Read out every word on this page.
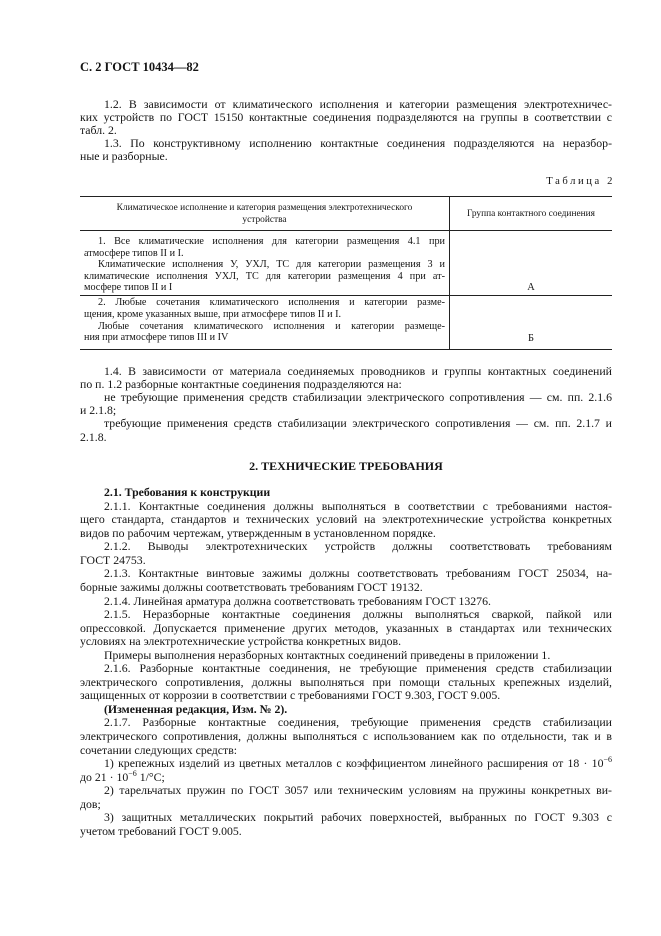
С. 2 ГОСТ 10434—82
1.2. В зависимости от климатического исполнения и категории размещения электротехничес-
ких устройств по ГОСТ 15150 контактные соединения подразделяются на группы в соответствии с
табл. 2.
1.3. По конструктивному исполнению контактные соединения подразделяются на неразбор-
ные и разборные.
Таблица 2
Климатическое исполнение и категория размещения электротехнического
устройства
Группа контактного соединения
1. Все климатические исполнения для категории размещения 4.1 при
атмосфере типов II и I.
Климатические исполнения У, УХЛ, ТС для категории размещения 3 и
климатические исполнения УХЛ, ТС для категории размещения 4 при ат-
мосфере типов II и I	А
2. Любые сочетания климатического исполнения и категории разме-
щения, кроме указанных выше, при атмосфере типов II и I.
Любые сочетания климатического исполнения и категории размеще-
ния при атмосфере типов III и IV	Б
1.4. В зависимости от материала соединяемых проводников и группы контактных соединений
по п. 1.2 разборные контактные соединения подразделяются на:
не требующие применения средств стабилизации электрического сопротивления — см. пп. 2.1.6
и 2.1.8;
требующие применения средств стабилизации электрического сопротивления — см. пп. 2.1.7 и
2.1.8.
2. ТЕХНИЧЕСКИЕ ТРЕБОВАНИЯ
2.1. Требования к конструкции
2.1.1. Контактные соединения должны выполняться в соответствии с требованиями настоя-
щего стандарта, стандартов и технических условий на электротехнические устройства конкретных
видов по рабочим чертежам, утвержденным в установленном порядке.
2.1.2. Выводы электротехнических устройств должны соответствовать требованиям
ГОСТ 24753.
2.1.3. Контактные винтовые зажимы должны соответствовать требованиям ГОСТ 25034, на-
борные зажимы должны соответствовать требованиям ГОСТ 19132.
2.1.4. Линейная арматура должна соответствовать требованиям ГОСТ 13276.
2.1.5. Неразборные контактные соединения должны выполняться сваркой, пайкой или
опрессовкой. Допускается применение других методов, указанных в стандартах или технических
условиях на электротехнические устройства конкретных видов.
Примеры выполнения неразборных контактных соединений приведены в приложении 1.
2.1.6. Разборные контактные соединения, не требующие применения средств стабилизации
электрического сопротивления, должны выполняться при помощи стальных крепежных изделий,
защищенных от коррозии в соответствии с требованиями ГОСТ 9.303, ГОСТ 9.005.
(Измененная редакция, Изм. № 2).
2.1.7. Разборные контактные соединения, требующие применения средств стабилизации
электрического сопротивления, должны выполняться с использованием как по отдельности, так и в
сочетании следующих средств:
1) крепежных изделий из цветных металлов с коэффициентом линейного расширения от $18 \cdot 10^{-6}$
до $21 \cdot 10^{-6}$ 1/°C;
2) тарельчатых пружин по ГОСТ 3057 или техническим условиям на пружины конкретных ви-
дов;
3) защитных металлических покрытий рабочих поверхностей, выбранных по ГОСТ 9.303 с
учетом требований ГОСТ 9.005.
